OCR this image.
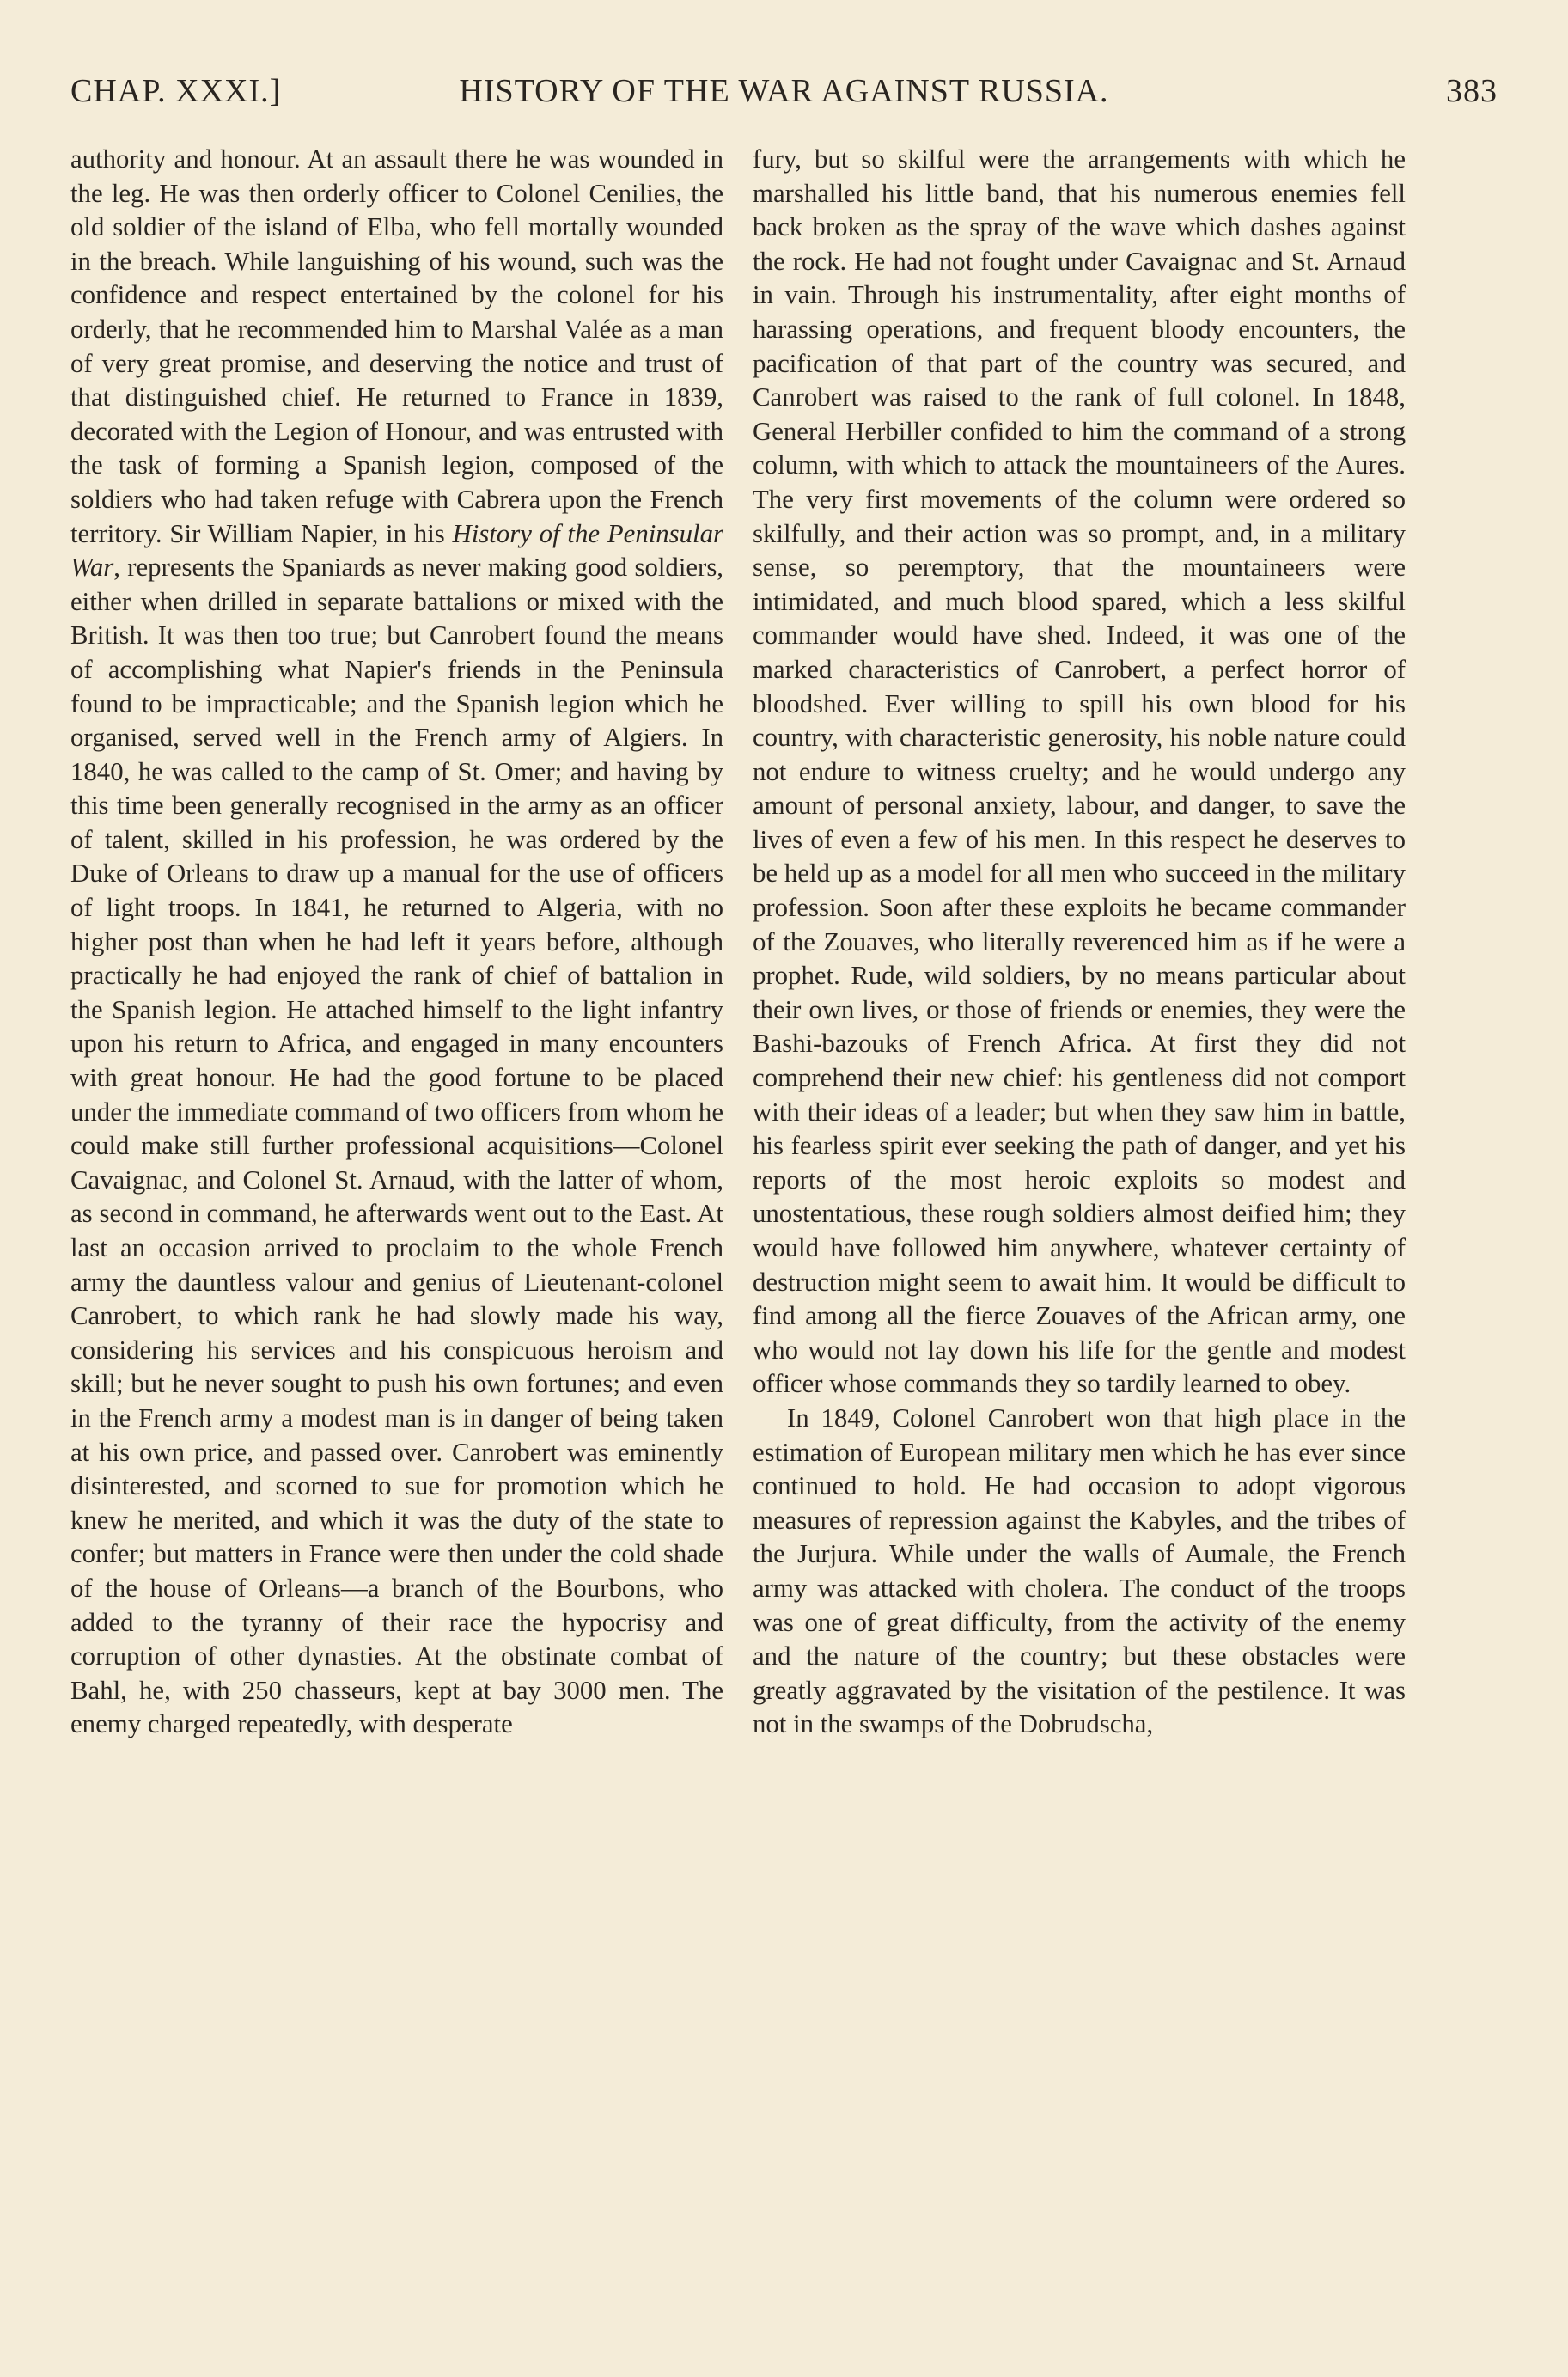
CHAP. XXXI.]	HISTORY OF THE WAR AGAINST RUSSIA.	383

authority and honour. At an assault there he was wounded in the leg. He was then orderly officer to Colonel Cenilies, the old soldier of the island of Elba, who fell mortally wounded in the breach. While languishing of his wound, such was the confidence and respect entertained by the colonel for his orderly, that he recommended him to Marshal Valée as a man of very great promise, and deserving the notice and trust of that distinguished chief. He returned to France in 1839, decorated with the Legion of Honour, and was entrusted with the task of forming a Spanish legion, composed of the soldiers who had taken refuge with Cabrera upon the French territory. Sir William Napier, in his History of the Peninsular War, represents the Spaniards as never making good soldiers, either when drilled in separate battalions or mixed with the British. It was then too true; but Canrobert found the means of accomplishing what Napier's friends in the Peninsula found to be impracticable; and the Spanish legion which he organised, served well in the French army of Algiers. In 1840, he was called to the camp of St. Omer; and having by this time been generally recognised in the army as an officer of talent, skilled in his profession, he was ordered by the Duke of Orleans to draw up a manual for the use of officers of light troops. In 1841, he returned to Algeria, with no higher post than when he had left it years before, although practically he had enjoyed the rank of chief of battalion in the Spanish legion. He attached himself to the light infantry upon his return to Africa, and engaged in many encounters with great honour. He had the good fortune to be placed under the immediate command of two officers from whom he could make still further professional acquisitions—Colonel Cavaignac, and Colonel St. Arnaud, with the latter of whom, as second in command, he afterwards went out to the East. At last an occasion arrived to proclaim to the whole French army the dauntless valour and genius of Lieutenant-colonel Canrobert, to which rank he had slowly made his way, considering his services and his conspicuous heroism and skill; but he never sought to push his own fortunes; and even in the French army a modest man is in danger of being taken at his own price, and passed over. Canrobert was eminently disinterested, and scorned to sue for promotion which he knew he merited, and which it was the duty of the state to confer; but matters in France were then under the cold shade of the house of Orleans—a branch of the Bourbons, who added to the tyranny of their race the hypocrisy and corruption of other dynasties. At the obstinate combat of Bahl, he, with 250 chasseurs, kept at bay 3000 men. The enemy charged repeatedly, with desperate

fury, but so skilful were the arrangements with which he marshalled his little band, that his numerous enemies fell back broken as the spray of the wave which dashes against the rock. He had not fought under Cavaignac and St. Arnaud in vain. Through his instrumentality, after eight months of harassing operations, and frequent bloody encounters, the pacification of that part of the country was secured, and Canrobert was raised to the rank of full colonel. In 1848, General Herbiller confided to him the command of a strong column, with which to attack the mountaineers of the Aures. The very first movements of the column were ordered so skilfully, and their action was so prompt, and, in a military sense, so peremptory, that the mountaineers were intimidated, and much blood spared, which a less skilful commander would have shed. Indeed, it was one of the marked characteristics of Canrobert, a perfect horror of bloodshed. Ever willing to spill his own blood for his country, with characteristic generosity, his noble nature could not endure to witness cruelty; and he would undergo any amount of personal anxiety, labour, and danger, to save the lives of even a few of his men. In this respect he deserves to be held up as a model for all men who succeed in the military profession. Soon after these exploits he became commander of the Zouaves, who literally reverenced him as if he were a prophet. Rude, wild soldiers, by no means particular about their own lives, or those of friends or enemies, they were the Bashi-bazouks of French Africa. At first they did not comprehend their new chief: his gentleness did not comport with their ideas of a leader; but when they saw him in battle, his fearless spirit ever seeking the path of danger, and yet his reports of the most heroic exploits so modest and unostentatious, these rough soldiers almost deified him; they would have followed him anywhere, whatever certainty of destruction might seem to await him. It would be difficult to find among all the fierce Zouaves of the African army, one who would not lay down his life for the gentle and modest officer whose commands they so tardily learned to obey.

In 1849, Colonel Canrobert won that high place in the estimation of European military men which he has ever since continued to hold. He had occasion to adopt vigorous measures of repression against the Kabyles, and the tribes of the Jurjura. While under the walls of Aumale, the French army was attacked with cholera. The conduct of the troops was one of great difficulty, from the activity of the enemy and the nature of the country; but these obstacles were greatly aggravated by the visitation of the pestilence. It was not in the swamps of the Dobrudscha,
